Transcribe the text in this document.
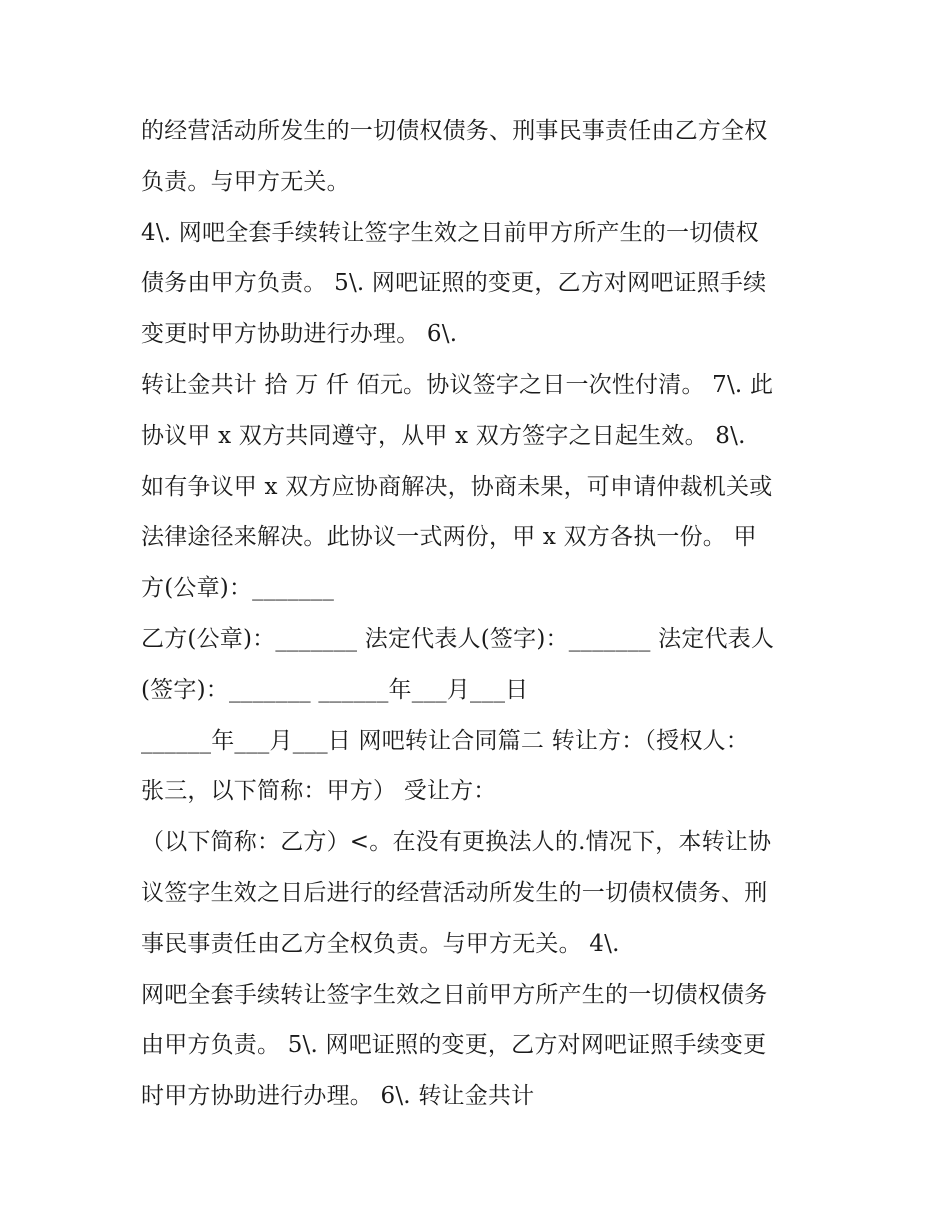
的经营活动所发生的一切债权债务、刑事民事责任由乙方全权
负责。与甲方无关。
4\. 网吧全套手续转让签字生效之日前甲方所产生的一切债权
债务由甲方负责。 5\. 网吧证照的变更，乙方对网吧证照手续
变更时甲方协助进行办理。 6\.
转让金共计 拾 万 仟 佰元。协议签字之日一次性付清。 7\. 此
协议甲 x 双方共同遵守，从甲 x 双方签字之日起生效。 8\.
如有争议甲 x 双方应协商解决，协商未果，可申请仲裁机关或
法律途径来解决。此协议一式两份，甲 x 双方各执一份。 甲
方(公章)：_______
乙方(公章)：_______ 法定代表人(签字)：_______ 法定代表人
(签字)：_______ ______年___月___日
______年___月___日 网吧转让合同篇二 转让方：（授权人：
张三，以下简称：甲方） 受让方：
（以下简称：乙方）<。在没有更换法人的.情况下，本转让协
议签字生效之日后进行的经营活动所发生的一切债权债务、刑
事民事责任由乙方全权负责。与甲方无关。 4\.
网吧全套手续转让签字生效之日前甲方所产生的一切债权债务
由甲方负责。 5\. 网吧证照的变更，乙方对网吧证照手续变更
时甲方协助进行办理。 6\. 转让金共计
